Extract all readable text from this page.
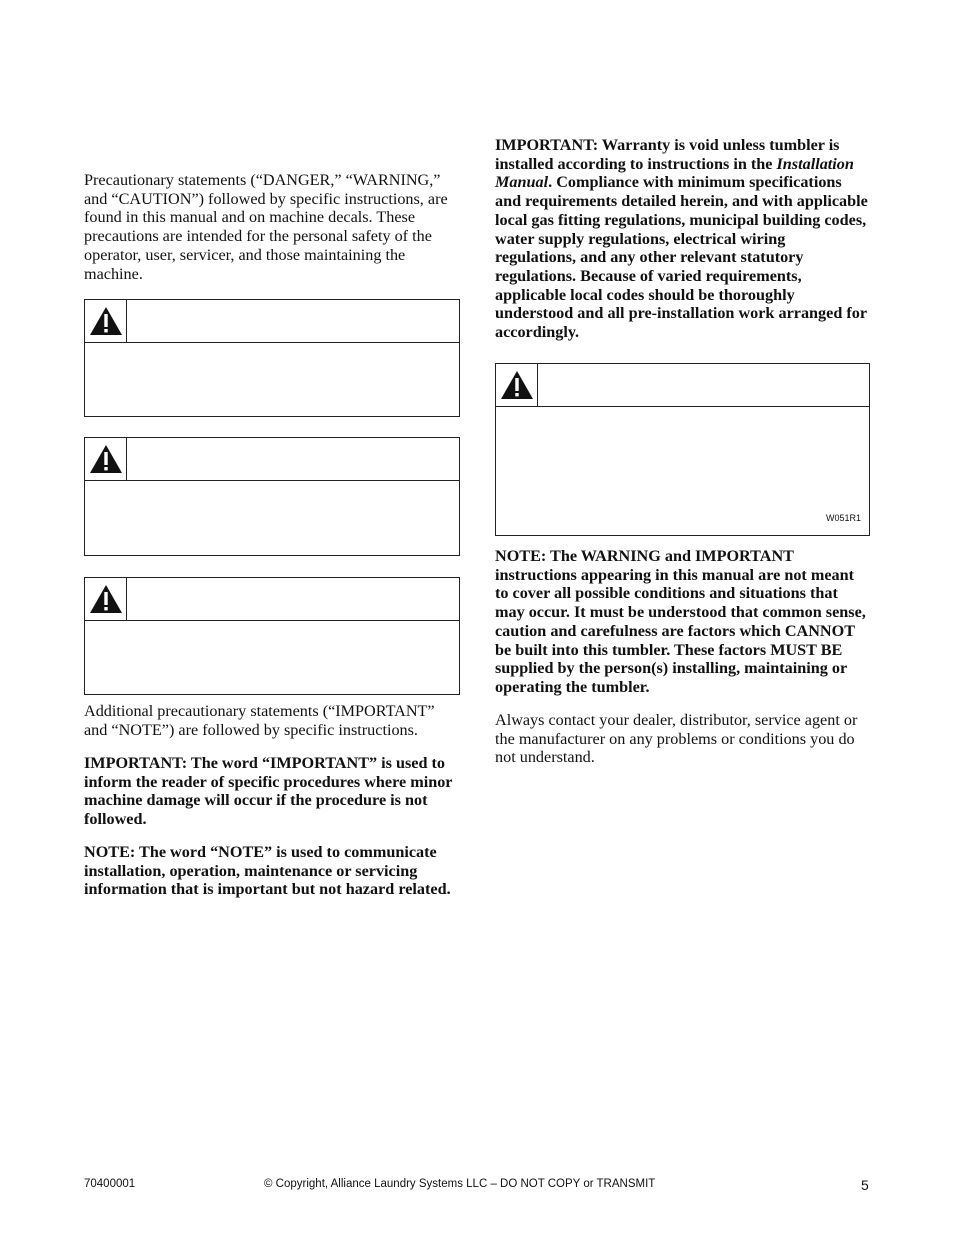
Precautionary statements (“DANGER,” “WARNING,” and “CAUTION”) followed by specific instructions, are found in this manual and on machine decals. These precautions are intended for the personal safety of the operator, user, servicer, and those maintaining the machine.

Additional precautionary statements (“IMPORTANT” and “NOTE”) are followed by specific instructions.

IMPORTANT: The word “IMPORTANT” is used to inform the reader of specific procedures where minor machine damage will occur if the procedure is not followed.

NOTE: The word “NOTE” is used to communicate installation, operation, maintenance or servicing information that is important but not hazard related.

IMPORTANT: Warranty is void unless tumbler is installed according to instructions in the Installation Manual. Compliance with minimum specifications and requirements detailed herein, and with applicable local gas fitting regulations, municipal building codes, water supply regulations, electrical wiring regulations, and any other relevant statutory regulations. Because of varied requirements, applicable local codes should be thoroughly understood and all pre-installation work arranged for accordingly.

W051R1

NOTE: The WARNING and IMPORTANT instructions appearing in this manual are not meant to cover all possible conditions and situations that may occur. It must be understood that common sense, caution and carefulness are factors which CANNOT be built into this tumbler. These factors MUST BE supplied by the person(s) installing, maintaining or operating the tumbler.

Always contact your dealer, distributor, service agent or the manufacturer on any problems or conditions you do not understand.

70400001	© Copyright, Alliance Laundry Systems LLC – DO NOT COPY or TRANSMIT	5
